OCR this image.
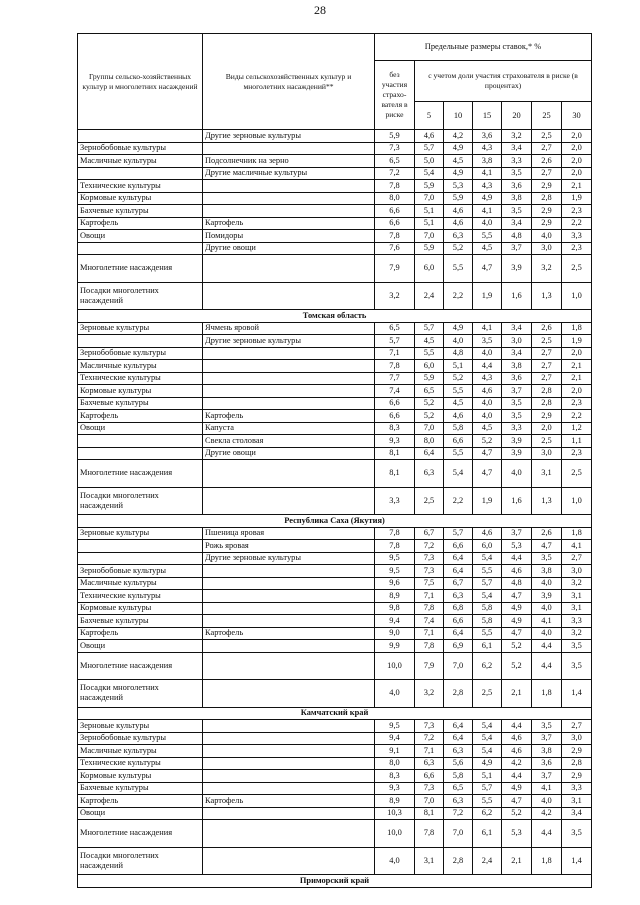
28
Группы сельско-хозяйственных культур и многолетних насаждений	Виды сельскохозяйственных культур и многолетних насаждений**	Предельные размеры ставок,* %						
		без участия страхо-вателя в риске	с учетом доли участия страхователя в риске (в процентах)					
			5	10	15	20	25	30
	Другие зерновые культуры	5,9	4,6	4,2	3,6	3,2	2,5	2,0
Зернобобовые культуры		7,3	5,7	4,9	4,3	3,4	2,7	2,0
Масличные культуры	Подсолнечник на зерно	6,5	5,0	4,5	3,8	3,3	2,6	2,0
	Другие масличные культуры	7,2	5,4	4,9	4,1	3,5	2,7	2,0
Технические культуры		7,8	5,9	5,3	4,3	3,6	2,9	2,1
Кормовые культуры		8,0	7,0	5,9	4,9	3,8	2,8	1,9
Бахчевые культуры		6,6	5,1	4,6	4,1	3,5	2,9	2,3
Картофель	Картофель	6,6	5,1	4,6	4,0	3,4	2,9	2,2
Овощи	Помидоры	7,8	7,0	6,3	5,5	4,8	4,0	3,3
	Другие овощи	7,6	5,9	5,2	4,5	3,7	3,0	2,3
Многолетние насаждения		7,9	6,0	5,5	4,7	3,9	3,2	2,5
Посадки многолетних насаждений		3,2	2,4	2,2	1,9	1,6	1,3	1,0
Томская область								
Зерновые культуры	Ячмень яровой	6,5	5,7	4,9	4,1	3,4	2,6	1,8
	Другие зерновые культуры	5,7	4,5	4,0	3,5	3,0	2,5	1,9
Зернобобовые культуры		7,1	5,5	4,8	4,0	3,4	2,7	2,0
Масличные культуры		7,8	6,0	5,1	4,4	3,8	2,7	2,1
Технические культуры		7,7	5,9	5,2	4,3	3,6	2,7	2,1
Кормовые культуры		7,4	6,5	5,5	4,6	3,7	2,8	2,0
Бахчевые культуры		6,6	5,2	4,5	4,0	3,5	2,8	2,3
Картофель	Картофель	6,6	5,2	4,6	4,0	3,5	2,9	2,2
Овощи	Капуста	8,3	7,0	5,8	4,5	3,3	2,0	1,2
	Свекла столовая	9,3	8,0	6,6	5,2	3,9	2,5	1,1
	Другие овощи	8,1	6,4	5,5	4,7	3,9	3,0	2,3
Многолетние насаждения		8,1	6,3	5,4	4,7	4,0	3,1	2,5
Посадки многолетних насаждений		3,3	2,5	2,2	1,9	1,6	1,3	1,0
Республика Саха (Якутия)								
Зерновые культуры	Пшеница яровая	7,8	6,7	5,7	4,6	3,7	2,6	1,8
	Рожь яровая	7,8	7,2	6,6	6,0	5,3	4,7	4,1
	Другие зерновые культуры	9,5	7,3	6,4	5,4	4,4	3,5	2,7
Зернобобовые культуры		9,5	7,3	6,4	5,5	4,6	3,8	3,0
Масличные культуры		9,6	7,5	6,7	5,7	4,8	4,0	3,2
Технические культуры		8,9	7,1	6,3	5,4	4,7	3,9	3,1
Кормовые культуры		9,8	7,8	6,8	5,8	4,9	4,0	3,1
Бахчевые культуры		9,4	7,4	6,6	5,8	4,9	4,1	3,3
Картофель	Картофель	9,0	7,1	6,4	5,5	4,7	4,0	3,2
Овощи		9,9	7,8	6,9	6,1	5,2	4,4	3,5
Многолетние насаждения		10,0	7,9	7,0	6,2	5,2	4,4	3,5
Посадки многолетних насаждений		4,0	3,2	2,8	2,5	2,1	1,8	1,4
Камчатский край								
Зерновые культуры		9,5	7,3	6,4	5,4	4,4	3,5	2,7
Зернобобовые культуры		9,4	7,2	6,4	5,4	4,6	3,7	3,0
Масличные культуры		9,1	7,1	6,3	5,4	4,6	3,8	2,9
Технические культуры		8,0	6,3	5,6	4,9	4,2	3,6	2,8
Кормовые культуры		8,3	6,6	5,8	5,1	4,4	3,7	2,9
Бахчевые культуры		9,3	7,3	6,5	5,7	4,9	4,1	3,3
Картофель	Картофель	8,9	7,0	6,3	5,5	4,7	4,0	3,1
Овощи		10,3	8,1	7,2	6,2	5,2	4,2	3,4
Многолетние насаждения		10,0	7,8	7,0	6,1	5,3	4,4	3,5
Посадки многолетних насаждений		4,0	3,1	2,8	2,4	2,1	1,8	1,4
Приморский край								
